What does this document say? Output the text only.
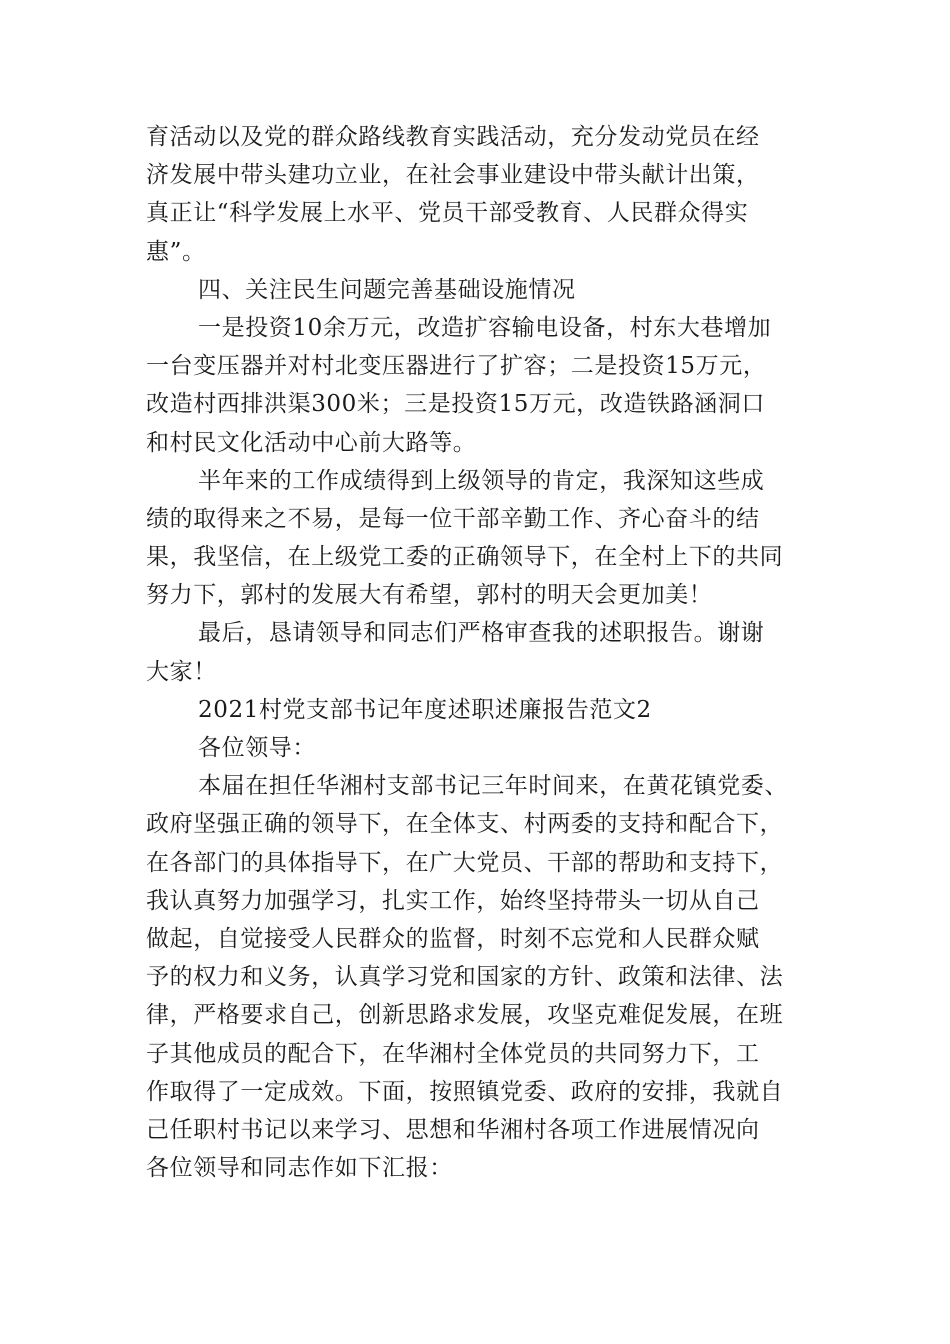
育活动以及党的群众路线教育实践活动，充分发动党员在经
济发展中带头建功立业，在社会事业建设中带头献计出策，
真正让“科学发展上水平、党员干部受教育、人民群众得实
惠”。
四、关注民生问题完善基础设施情况
一是投资10余万元，改造扩容输电设备，村东大巷增加
一台变压器并对村北变压器进行了扩容；二是投资15万元，
改造村西排洪渠300米；三是投资15万元，改造铁路涵洞口
和村民文化活动中心前大路等。
半年来的工作成绩得到上级领导的肯定，我深知这些成
绩的取得来之不易，是每一位干部辛勤工作、齐心奋斗的结
果，我坚信，在上级党工委的正确领导下，在全村上下的共同
努力下，郭村的发展大有希望，郭村的明天会更加美！
最后，恳请领导和同志们严格审查我的述职报告。谢谢
大家！
2021村党支部书记年度述职述廉报告范文2
各位领导：
本届在担任华湘村支部书记三年时间来，在黄花镇党委、
政府坚强正确的领导下，在全体支、村两委的支持和配合下，
在各部门的具体指导下，在广大党员、干部的帮助和支持下，
我认真努力加强学习，扎实工作，始终坚持带头一切从自己
做起，自觉接受人民群众的监督，时刻不忘党和人民群众赋
予的权力和义务，认真学习党和国家的方针、政策和法律、法
律，严格要求自己，创新思路求发展，攻坚克难促发展，在班
子其他成员的配合下，在华湘村全体党员的共同努力下，工
作取得了一定成效。下面，按照镇党委、政府的安排，我就自
己任职村书记以来学习、思想和华湘村各项工作进展情况向
各位领导和同志作如下汇报：
